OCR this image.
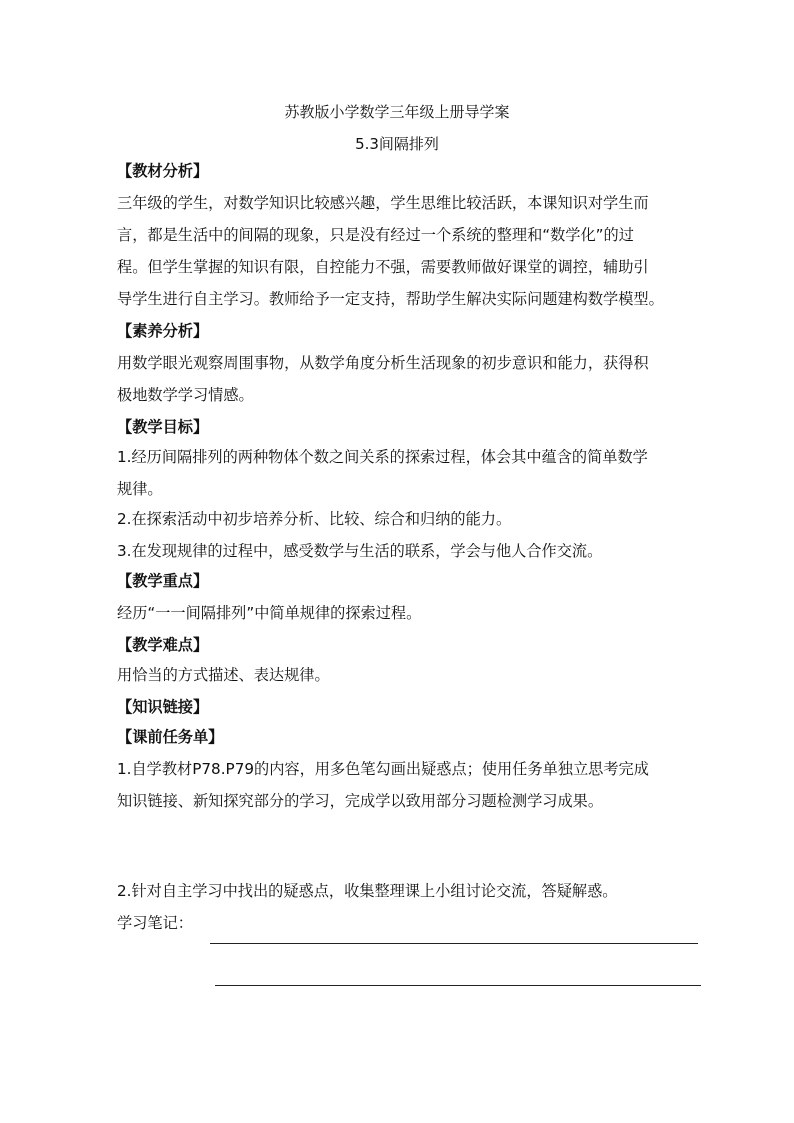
苏教版小学数学三年级上册导学案
5.3间隔排列
【教材分析】
三年级的学生，对数学知识比较感兴趣，学生思维比较活跃，本课知识对学生而
言，都是生活中的间隔的现象，只是没有经过一个系统的整理和“数学化”的过
程。但学生掌握的知识有限，自控能力不强，需要教师做好课堂的调控，辅助引
导学生进行自主学习。教师给予一定支持，帮助学生解决实际问题建构数学模型。
【素养分析】
用数学眼光观察周围事物，从数学角度分析生活现象的初步意识和能力，获得积
极地数学学习情感。
【教学目标】
1.经历间隔排列的两种物体个数之间关系的探索过程，体会其中蕴含的简单数学
规律。
2.在探索活动中初步培养分析、比较、综合和归纳的能力。
3.在发现规律的过程中，感受数学与生活的联系，学会与他人合作交流。
【教学重点】
经历“一一间隔排列”中简单规律的探索过程。
【教学难点】
用恰当的方式描述、表达规律。
【知识链接】
【课前任务单】
1.自学教材P78.P79的内容，用多色笔勾画出疑惑点；使用任务单独立思考完成
知识链接、新知探究部分的学习，完成学以致用部分习题检测学习成果。
2.针对自主学习中找出的疑惑点，收集整理课上小组讨论交流，答疑解惑。
学习笔记：
